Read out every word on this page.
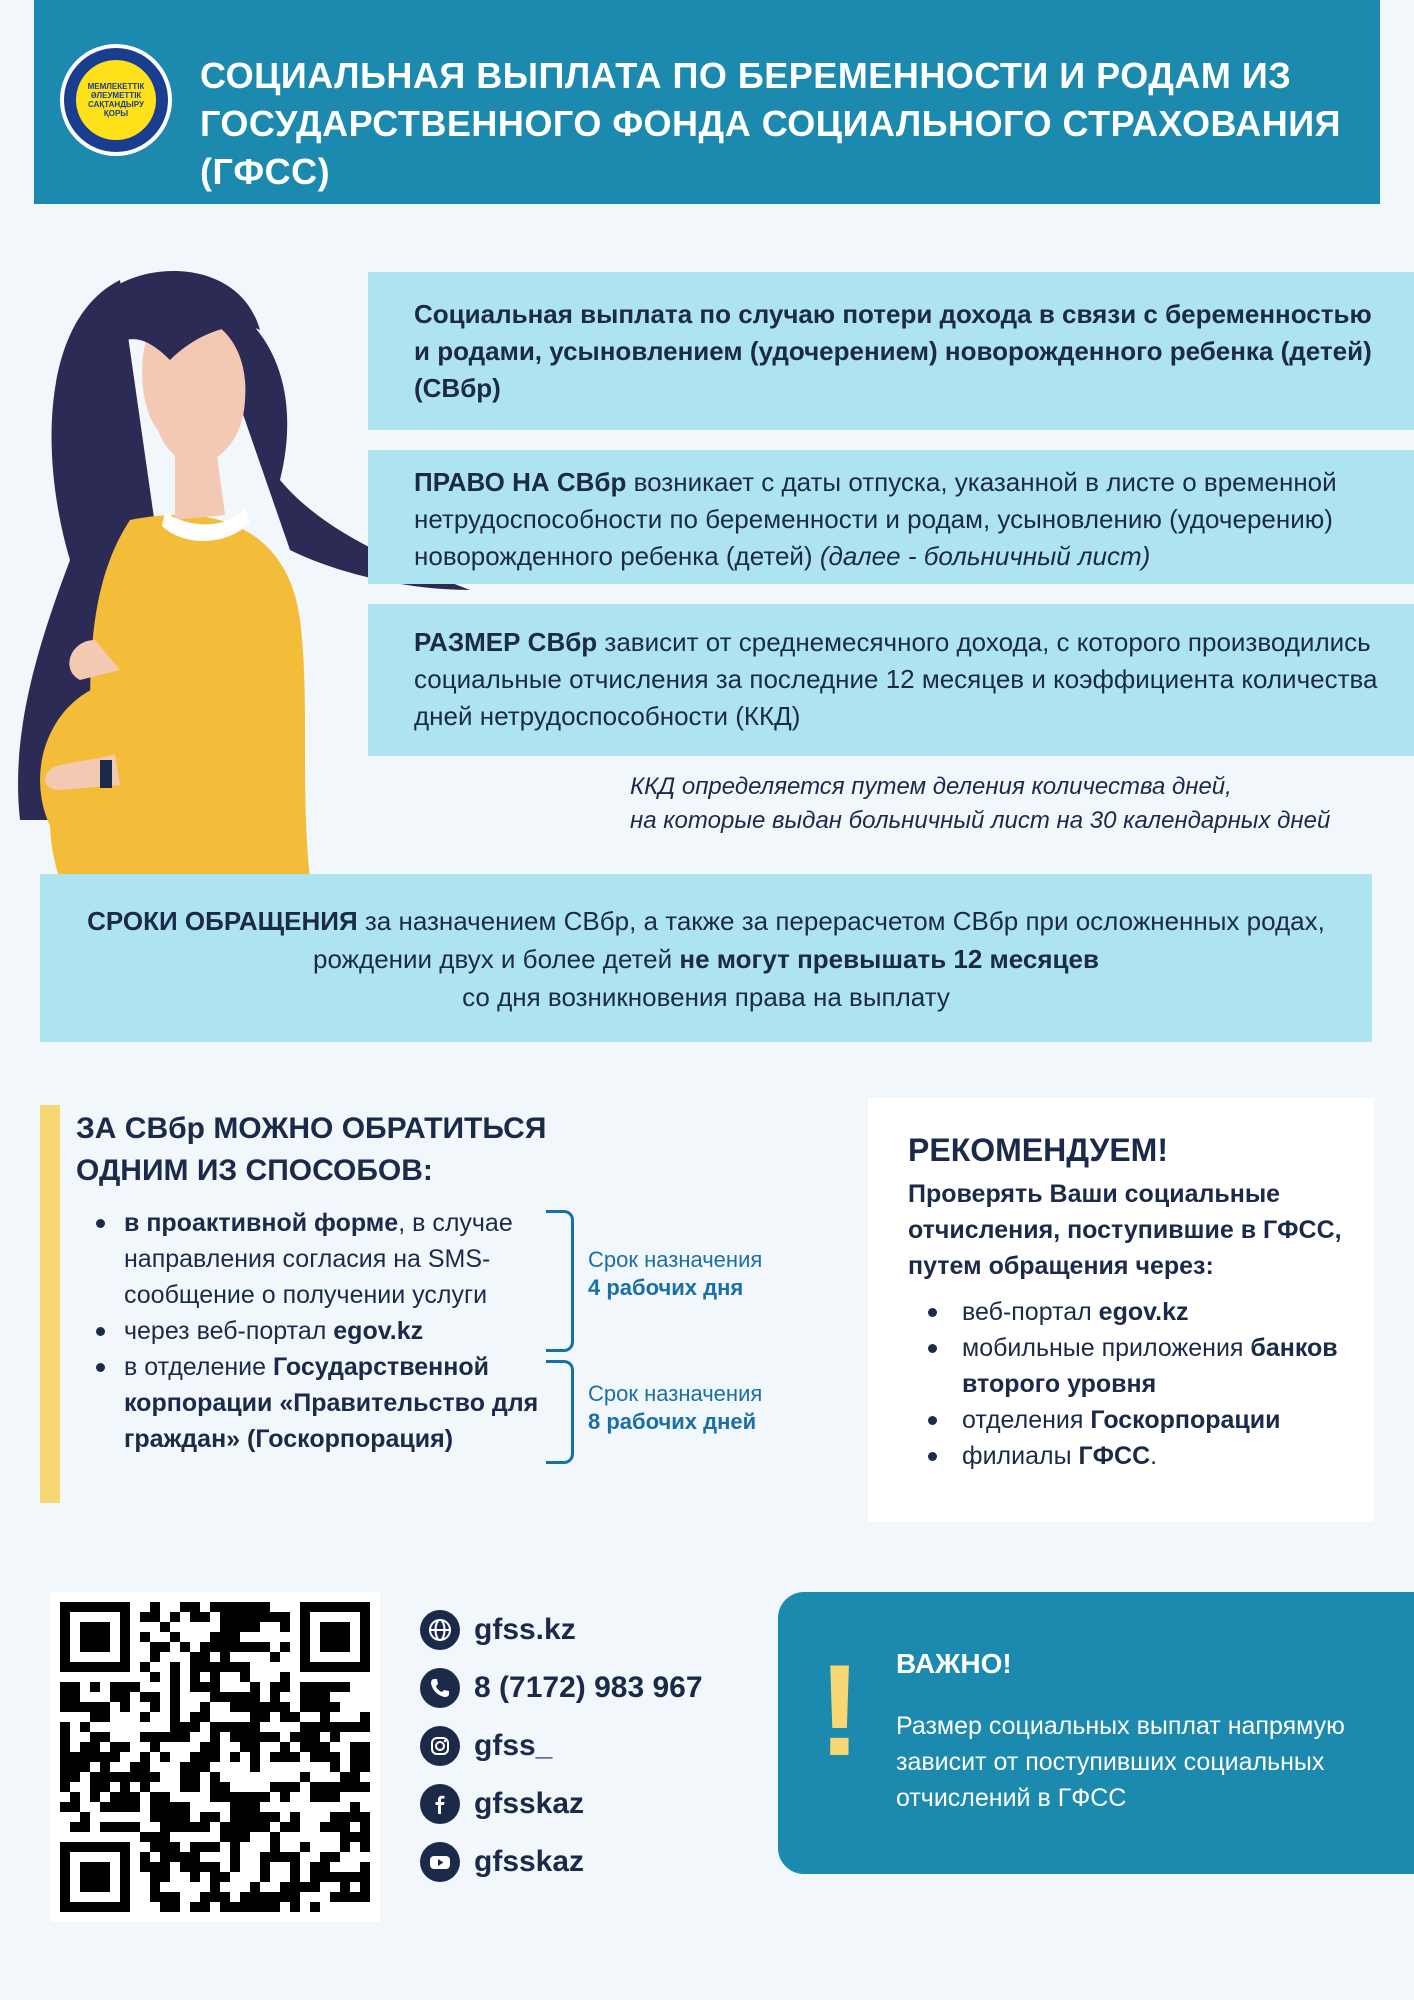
МЕМЛЕКЕТТІК ӘЛЕУМЕТТІК САҚТАНДЫРУ ҚОРЫ
СОЦИАЛЬНАЯ ВЫПЛАТА ПО БЕРЕМЕННОСТИ И РОДАМ ИЗ
ГОСУДАРСТВЕННОГО ФОНДА СОЦИАЛЬНОГО СТРАХОВАНИЯ (ГФСС)
Социальная выплата по случаю потери дохода в связи с беременностью и родами, усыновлением (удочерением) новорожденного ребенка (детей) (СВбр)
ПРАВО НА СВбр возникает с даты отпуска, указанной в листе о временной нетрудоспособности по беременности и родам, усыновлению (удочерению) новорожденного ребенка (детей) (далее - больничный лист)
РАЗМЕР СВбр зависит от среднемесячного дохода, с которого производились социальные отчисления за последние 12 месяцев и коэффициента количества дней нетрудоспособности (ККД)
ККД определяется путем деления количества дней,
на которые выдан больничный лист на 30 календарных дней
СРОКИ ОБРАЩЕНИЯ за назначением СВбр, а также за перерасчетом СВбр при осложненных родах, рождении двух и более детей не могут превышать 12 месяцев
со дня возникновения права на выплату
ЗА СВбр МОЖНО ОБРАТИТЬСЯ ОДНИМ ИЗ СПОСОБОВ:
в проактивной форме, в случае направления согласия на SMS-сообщение о получении услуги
через веб-портал egov.kz
в отделение Государственной корпорации «Правительство для граждан» (Госкорпорация)
Срок назначения
4 рабочих дня
Срок назначения
8 рабочих дней
РЕКОМЕНДУЕМ!
Проверять Ваши социальные отчисления, поступившие в ГФСС, путем обращения через:
веб-портал egov.kz
мобильные приложения банков второго уровня
отделения Госкорпорации
филиалы ГФСС.
gfss.kz
8 (7172) 983 967
gfss_
gfsskaz
gfsskaz
! ВАЖНО!
Размер социальных выплат напрямую зависит от поступивших социальных отчислений в ГФСС
